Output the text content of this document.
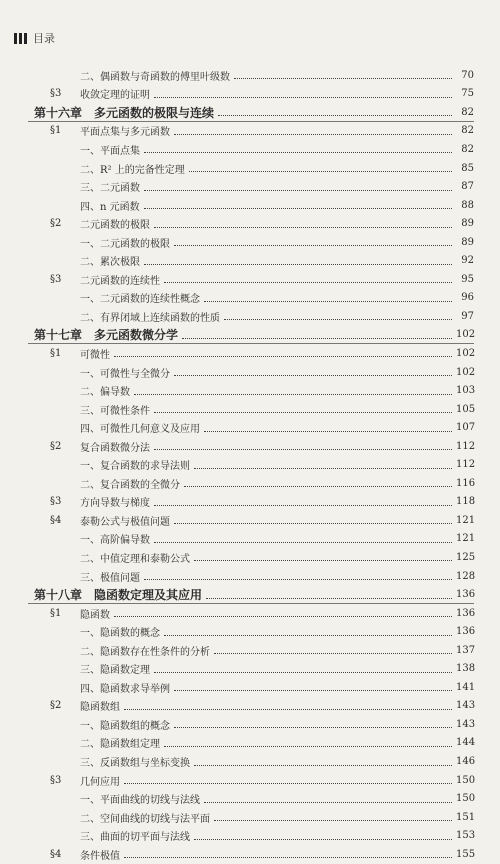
目录
二、偶函数与奇函数的傅里叶级数	70
§3 收敛定理的证明	75
第十六章　多元函数的极限与连续	82
§1 平面点集与多元函数	82
一、平面点集	82
二、R² 上的完备性定理	85
三、二元函数	87
四、n 元函数	88
§2 二元函数的极限	89
一、二元函数的极限	89
二、累次极限	92
§3 二元函数的连续性	95
一、二元函数的连续性概念	96
二、有界闭域上连续函数的性质	97
第十七章　多元函数微分学	102
§1 可微性	102
一、可微性与全微分	102
二、偏导数	103
三、可微性条件	105
四、可微性几何意义及应用	107
§2 复合函数微分法	112
一、复合函数的求导法则	112
二、复合函数的全微分	116
§3 方向导数与梯度	118
§4 泰勒公式与极值问题	121
一、高阶偏导数	121
二、中值定理和泰勒公式	125
三、极值问题	128
第十八章　隐函数定理及其应用	136
§1 隐函数	136
一、隐函数的概念	136
二、隐函数存在性条件的分析	137
三、隐函数定理	138
四、隐函数求导举例	141
§2 隐函数组	143
一、隐函数组的概念	143
二、隐函数组定理	144
三、反函数组与坐标变换	146
§3 几何应用	150
一、平面曲线的切线与法线	150
二、空间曲线的切线与法平面	151
三、曲面的切平面与法线	153
§4 条件极值	155
